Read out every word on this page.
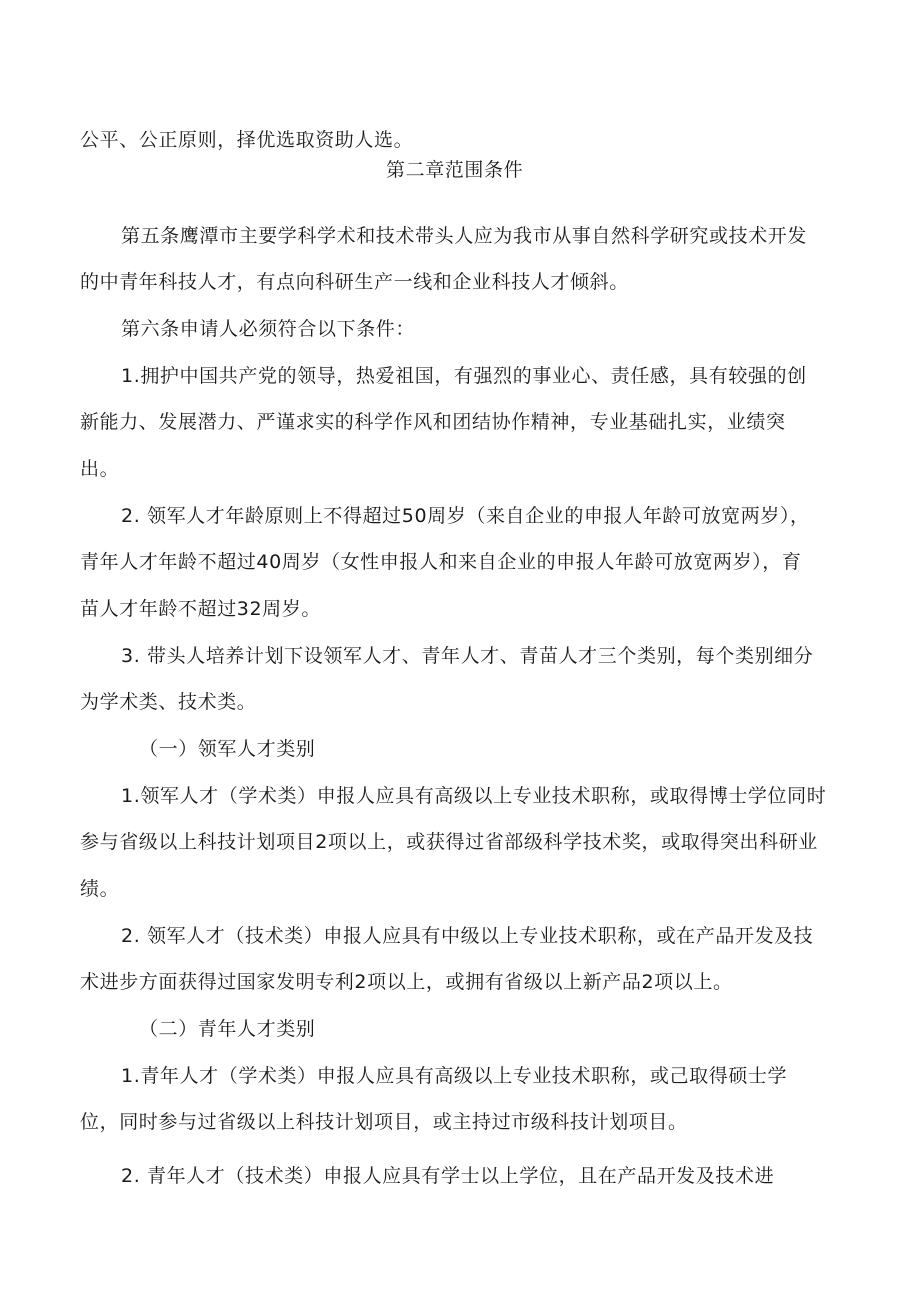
公平、公正原则，择优选取资助人选。
第二章范围条件
第五条鹰潭市主要学科学术和技术带头人应为我市从事自然科学研究或技术开发
的中青年科技人才，有点向科研生产一线和企业科技人才倾斜。
第六条申请人必须符合以下条件：
1.拥护中国共产党的领导，热爱祖国，有强烈的事业心、责任感，具有较强的创
新能力、发展潜力、严谨求实的科学作风和团结协作精神，专业基础扎实，业绩突
出。
2. 领军人才年龄原则上不得超过50周岁（来自企业的申报人年龄可放宽两岁），
青年人才年龄不超过40周岁（女性申报人和来自企业的申报人年龄可放宽两岁），育
苗人才年龄不超过32周岁。
3. 带头人培养计划下设领军人才、青年人才、青苗人才三个类别，每个类别细分
为学术类、技术类。
（一）领军人才类别
1.领军人才（学术类）申报人应具有高级以上专业技术职称，或取得博士学位同时
参与省级以上科技计划项目2项以上，或获得过省部级科学技术奖，或取得突出科研业
绩。
2. 领军人才（技术类）申报人应具有中级以上专业技术职称，或在产品开发及技
术进步方面获得过国家发明专利2项以上，或拥有省级以上新产品2项以上。
（二）青年人才类别
1.青年人才（学术类）申报人应具有高级以上专业技术职称，或己取得硕士学
位，同时参与过省级以上科技计划项目，或主持过市级科技计划项目。
2. 青年人才（技术类）申报人应具有学士以上学位，且在产品开发及技术进
